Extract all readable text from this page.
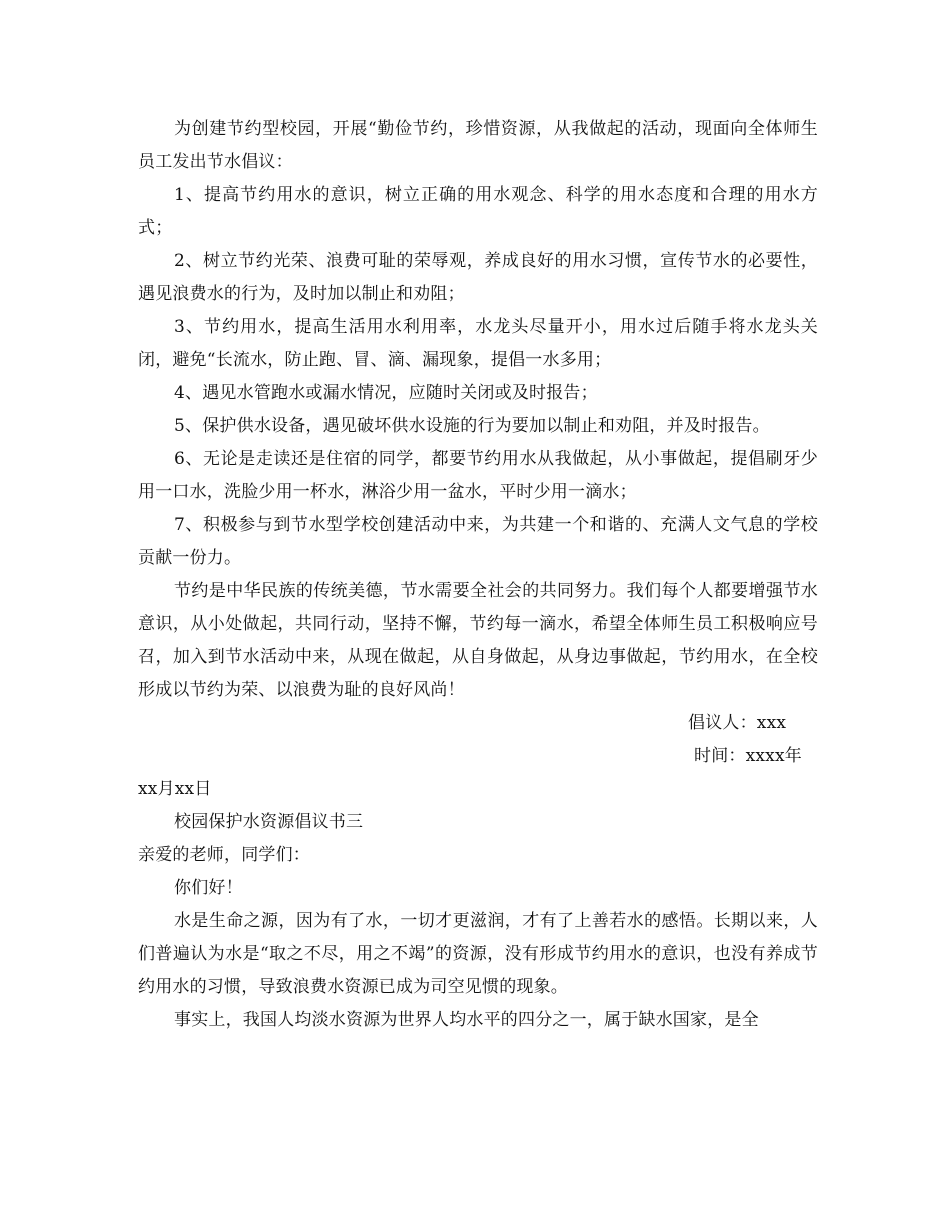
为创建节约型校园，开展“勤俭节约，珍惜资源，从我做起的活动，现面向全体师生员工发出节水倡议：

1、提高节约用水的意识，树立正确的用水观念、科学的用水态度和合理的用水方式；

2、树立节约光荣、浪费可耻的荣辱观，养成良好的用水习惯，宣传节水的必要性，遇见浪费水的行为，及时加以制止和劝阻；

3、节约用水，提高生活用水利用率，水龙头尽量开小，用水过后随手将水龙头关闭，避免“长流水，防止跑、冒、滴、漏现象，提倡一水多用；

4、遇见水管跑水或漏水情况，应随时关闭或及时报告；

5、保护供水设备，遇见破坏供水设施的行为要加以制止和劝阻，并及时报告。

6、无论是走读还是住宿的同学，都要节约用水从我做起，从小事做起，提倡刷牙少用一口水，洗脸少用一杯水，淋浴少用一盆水，平时少用一滴水；

7、积极参与到节水型学校创建活动中来，为共建一个和谐的、充满人文气息的学校贡献一份力。

节约是中华民族的传统美德，节水需要全社会的共同努力。我们每个人都要增强节水意识，从小处做起，共同行动，坚持不懈，节约每一滴水，希望全体师生员工积极响应号召，加入到节水活动中来，从现在做起，从自身做起，从身边事做起，节约用水，在全校形成以节约为荣、以浪费为耻的良好风尚！

倡议人：xxx

时间：xxxx年

xx月xx日

校园保护水资源倡议书三

亲爱的老师，同学们：

你们好！

水是生命之源，因为有了水，一切才更滋润，才有了上善若水的感悟。长期以来，人们普遍认为水是“取之不尽，用之不竭”的资源，没有形成节约用水的意识，也没有养成节约用水的习惯，导致浪费水资源已成为司空见惯的现象。

事实上，我国人均淡水资源为世界人均水平的四分之一，属于缺水国家，是全
